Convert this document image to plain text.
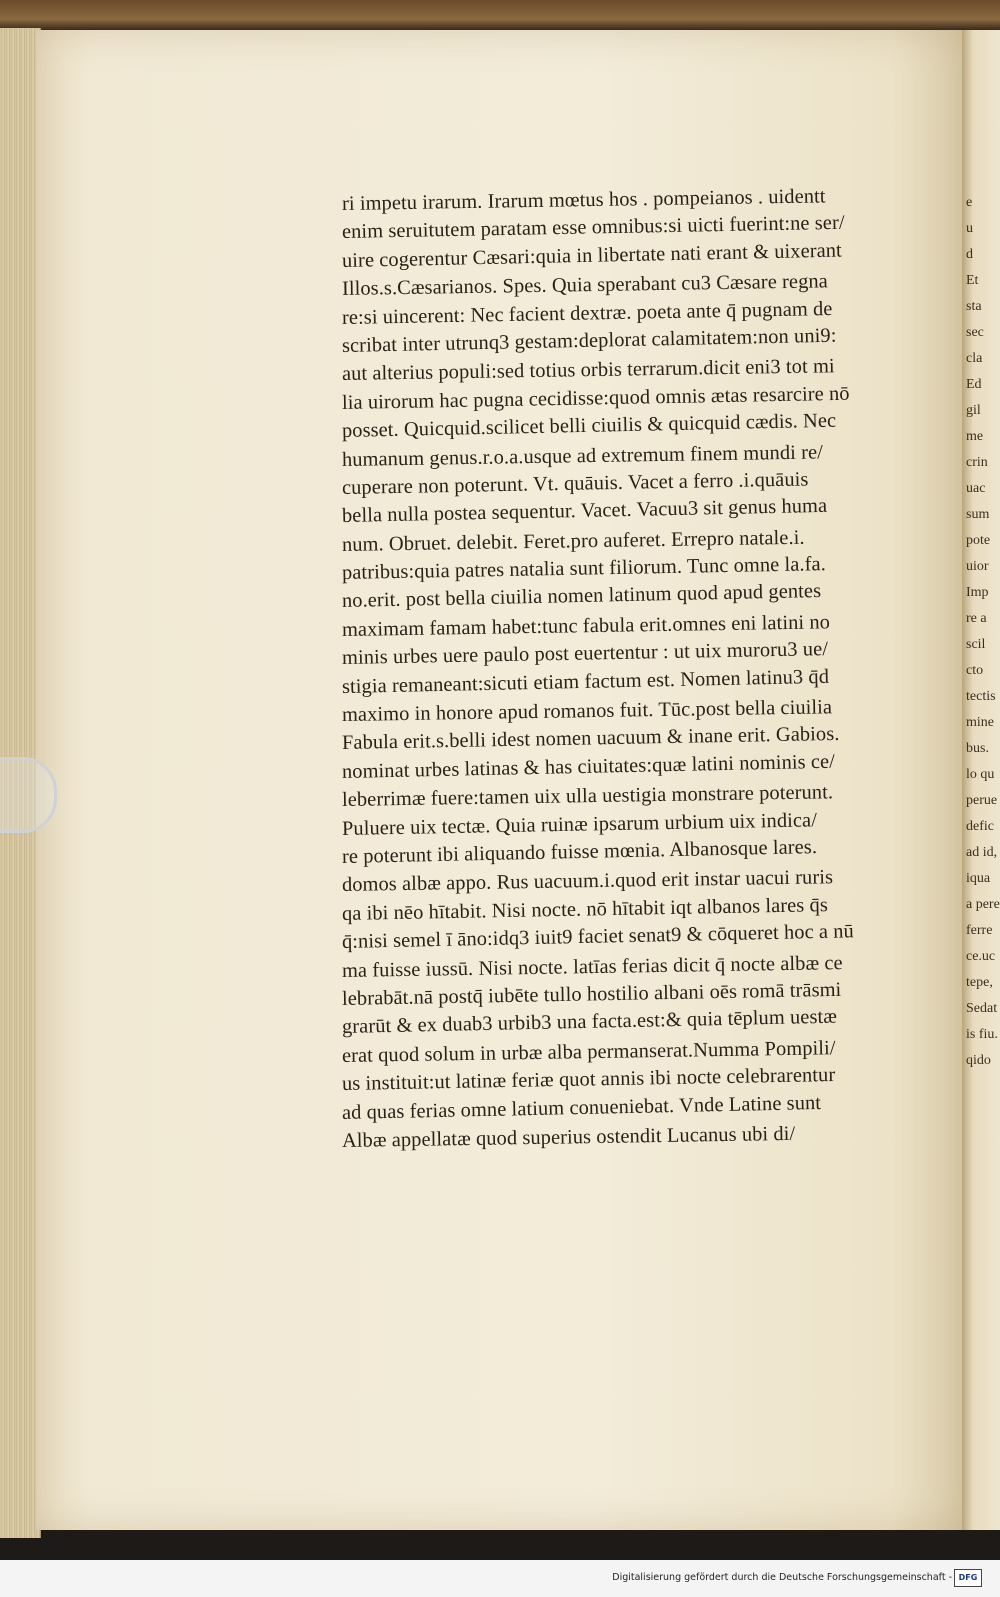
e
u
d
Et
sta
sec
cla
Ed
gil
me
crin
uac
sum
pote
uior
Imp
re a
scil
cto
tectis
mine
bus.
lo qu
perue
defic
ad id,
iqua
a pere
ferre
ce.uc
tepe,
Sedat
is fiu.
qido
ri impetu irarum. Irarum mœtus hos . pompeianos . uidentt
enim seruitutem paratam esse omnibus:si uicti fuerint:ne ser/
uire cogerentur Cæsari:quia in libertate nati erant & uixerant
Illos.s.Cæsarianos. Spes. Quia sperabant cu3 Cæsare regna
re:si uincerent: Nec facient dextræ. poeta ante q̄ pugnam de
scribat inter utrunq3 gestam:deplorat calamitatem:non uni9:
aut alterius populi:sed totius orbis terrarum.dicit eni3 tot mi
lia uirorum hac pugna cecidisse:quod omnis ætas resarcire nō
posset. Quicquid.scilicet belli ciuilis & quicquid cædis. Nec
humanum genus.r.o.a.usque ad extremum finem mundi re/
cuperare non poterunt. Vt. quāuis. Vacet a ferro .i.quāuis
bella nulla postea sequentur. Vacet. Vacuu3 sit genus huma
num. Obruet. delebit. Feret.pro auferet. Errepro natale.i.
patribus:quia patres natalia sunt filiorum. Tunc omne la.fa.
no.erit. post bella ciuilia nomen latinum quod apud gentes
maximam famam habet:tunc fabula erit.omnes eni latini no
minis urbes uere paulo post euertentur : ut uix muroru3 ue/
stigia remaneant:sicuti etiam factum est. Nomen latinu3 q̄d
maximo in honore apud romanos fuit. Tūc.post bella ciuilia
Fabula erit.s.belli idest nomen uacuum & inane erit. Gabios.
nominat urbes latinas & has ciuitates:quæ latini nominis ce/
leberrimæ fuere:tamen uix ulla uestigia monstrare poterunt.
Puluere uix tectæ. Quia ruinæ ipsarum urbium uix indica/
re poterunt ibi aliquando fuisse mœnia. Albanosque lares.
domos albæ appo. Rus uacuum.i.quod erit instar uacui ruris
qa ibi nēo hītabit. Nisi nocte. nō hītabit iqt albanos lares q̄s
q̄:nisi semel ī āno:idq3 iuit9 faciet senat9 & cōqueret hoc a nū
ma fuisse iussū. Nisi nocte. latīas ferias dicit q̄ nocte albæ ce
lebrabāt.nā postq̄ iubēte tullo hostilio albani oēs romā trāsmi
grarūt & ex duab3 urbib3 una facta.est:& quia tēplum uestæ
erat quod solum in urbæ alba permanserat.Numma Pompili/
us instituit:ut latinæ feriæ quot annis ibi nocte celebrarentur
ad quas ferias omne latium conueniebat. Vnde Latine sunt
Albæ appellatæ quod superius ostendit Lucanus ubi di/
Digitalisierung gefördert durch die Deutsche Forschungsgemeinschaft - DFG
